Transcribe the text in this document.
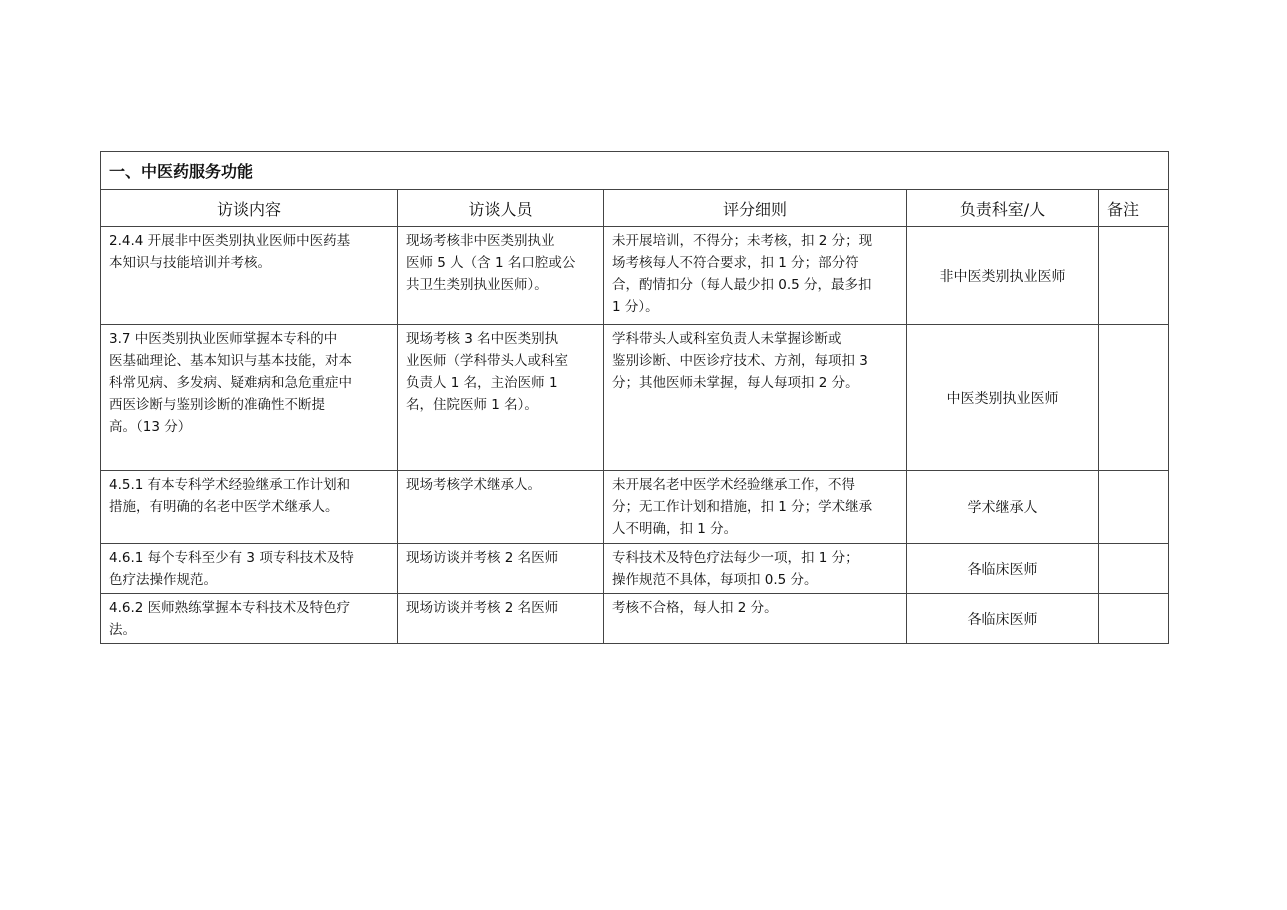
一、中医药服务功能				
访谈内容	访谈人员	评分细则	负责科室/人	备注
2.4.4 开展非中医类别执业医师中医药基
本知识与技能培训并考核。	现场考核非中医类别执业
医师 5 人（含 1 名口腔或公
共卫生类别执业医师）。	未开展培训，不得分；未考核，扣 2 分；现
场考核每人不符合要求，扣 1 分；部分符
合，酌情扣分（每人最少扣 0.5 分，最多扣
1 分）。	非中医类别执业医师	
3.7 中医类别执业医师掌握本专科的中
医基础理论、基本知识与基本技能，对本
科常见病、多发病、疑难病和急危重症中
西医诊断与鉴别诊断的准确性不断提
高。（13 分）	现场考核 3 名中医类别执
业医师（学科带头人或科室
负责人 1 名，主治医师 1
名，住院医师 1 名）。	学科带头人或科室负责人未掌握诊断或
鉴别诊断、中医诊疗技术、方剂，每项扣 3
分；其他医师未掌握，每人每项扣 2 分。	中医类别执业医师	
4.5.1 有本专科学术经验继承工作计划和
措施，有明确的名老中医学术继承人。	现场考核学术继承人。	未开展名老中医学术经验继承工作，不得
分；无工作计划和措施，扣 1 分；学术继承
人不明确，扣 1 分。	学术继承人	
4.6.1 每个专科至少有 3 项专科技术及特
色疗法操作规范。	现场访谈并考核 2 名医师	专科技术及特色疗法每少一项，扣 1 分；
操作规范不具体，每项扣 0.5 分。	各临床医师	
4.6.2 医师熟练掌握本专科技术及特色疗
法。	现场访谈并考核 2 名医师	考核不合格，每人扣 2 分。	各临床医师	
